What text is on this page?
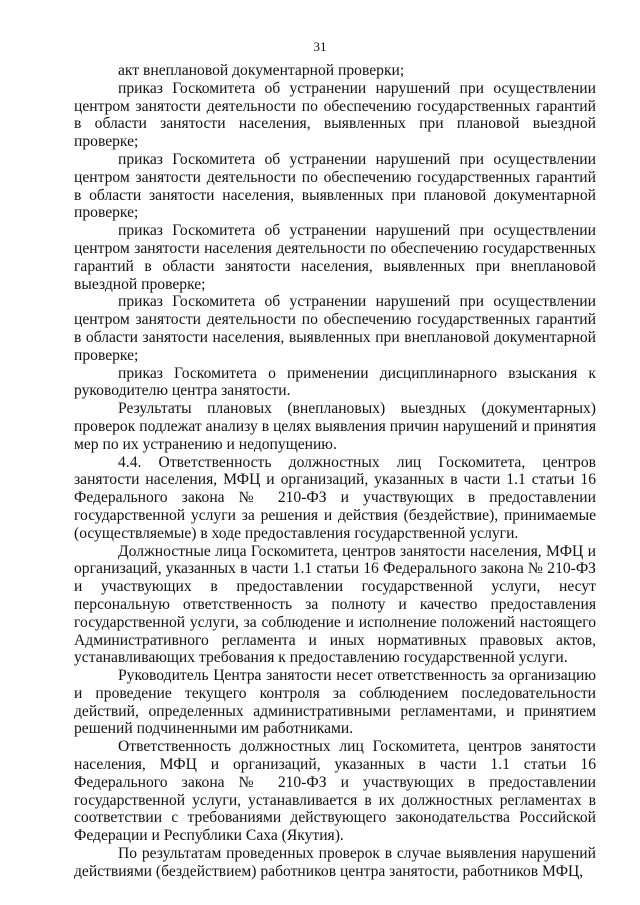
31

акт внеплановой документарной проверки;

приказ Госкомитета об устранении нарушений при осуществлении центром занятости деятельности по обеспечению государственных гарантий в области занятости населения, выявленных при плановой выездной проверке;

приказ Госкомитета об устранении нарушений при осуществлении центром занятости деятельности по обеспечению государственных гарантий в области занятости населения, выявленных при плановой документарной проверке;

приказ Госкомитета об устранении нарушений при осуществлении центром занятости населения деятельности по обеспечению государственных гарантий в области занятости населения, выявленных при внеплановой выездной проверке;

приказ Госкомитета об устранении нарушений при осуществлении центром занятости деятельности по обеспечению государственных гарантий в области занятости населения, выявленных при внеплановой документарной проверке;

приказ Госкомитета о применении дисциплинарного взыскания к руководителю центра занятости.

Результаты плановых (внеплановых) выездных (документарных) проверок подлежат анализу в целях выявления причин нарушений и принятия мер по их устранению и недопущению.

4.4. Ответственность должностных лиц Госкомитета, центров занятости населения, МФЦ и организаций, указанных в части 1.1 статьи 16 Федерального закона № 210-ФЗ и участвующих в предоставлении государственной услуги за решения и действия (бездействие), принимаемые (осуществляемые) в ходе предоставления государственной услуги.

Должностные лица Госкомитета, центров занятости населения, МФЦ и организаций, указанных в части 1.1 статьи 16 Федерального закона № 210-ФЗ и участвующих в предоставлении государственной услуги, несут персональную ответственность за полноту и качество предоставления государственной услуги, за соблюдение и исполнение положений настоящего Административного регламента и иных нормативных правовых актов, устанавливающих требования к предоставлению государственной услуги.

Руководитель Центра занятости несет ответственность за организацию и проведение текущего контроля за соблюдением последовательности действий, определенных административными регламентами, и принятием решений подчиненными им работниками.

Ответственность должностных лиц Госкомитета, центров занятости населения, МФЦ и организаций, указанных в части 1.1 статьи 16 Федерального закона № 210-ФЗ и участвующих в предоставлении государственной услуги, устанавливается в их должностных регламентах в соответствии с требованиями действующего законодательства Российской Федерации и Республики Саха (Якутия).

По результатам проведенных проверок в случае выявления нарушений действиями (бездействием) работников центра занятости, работников МФЦ,
